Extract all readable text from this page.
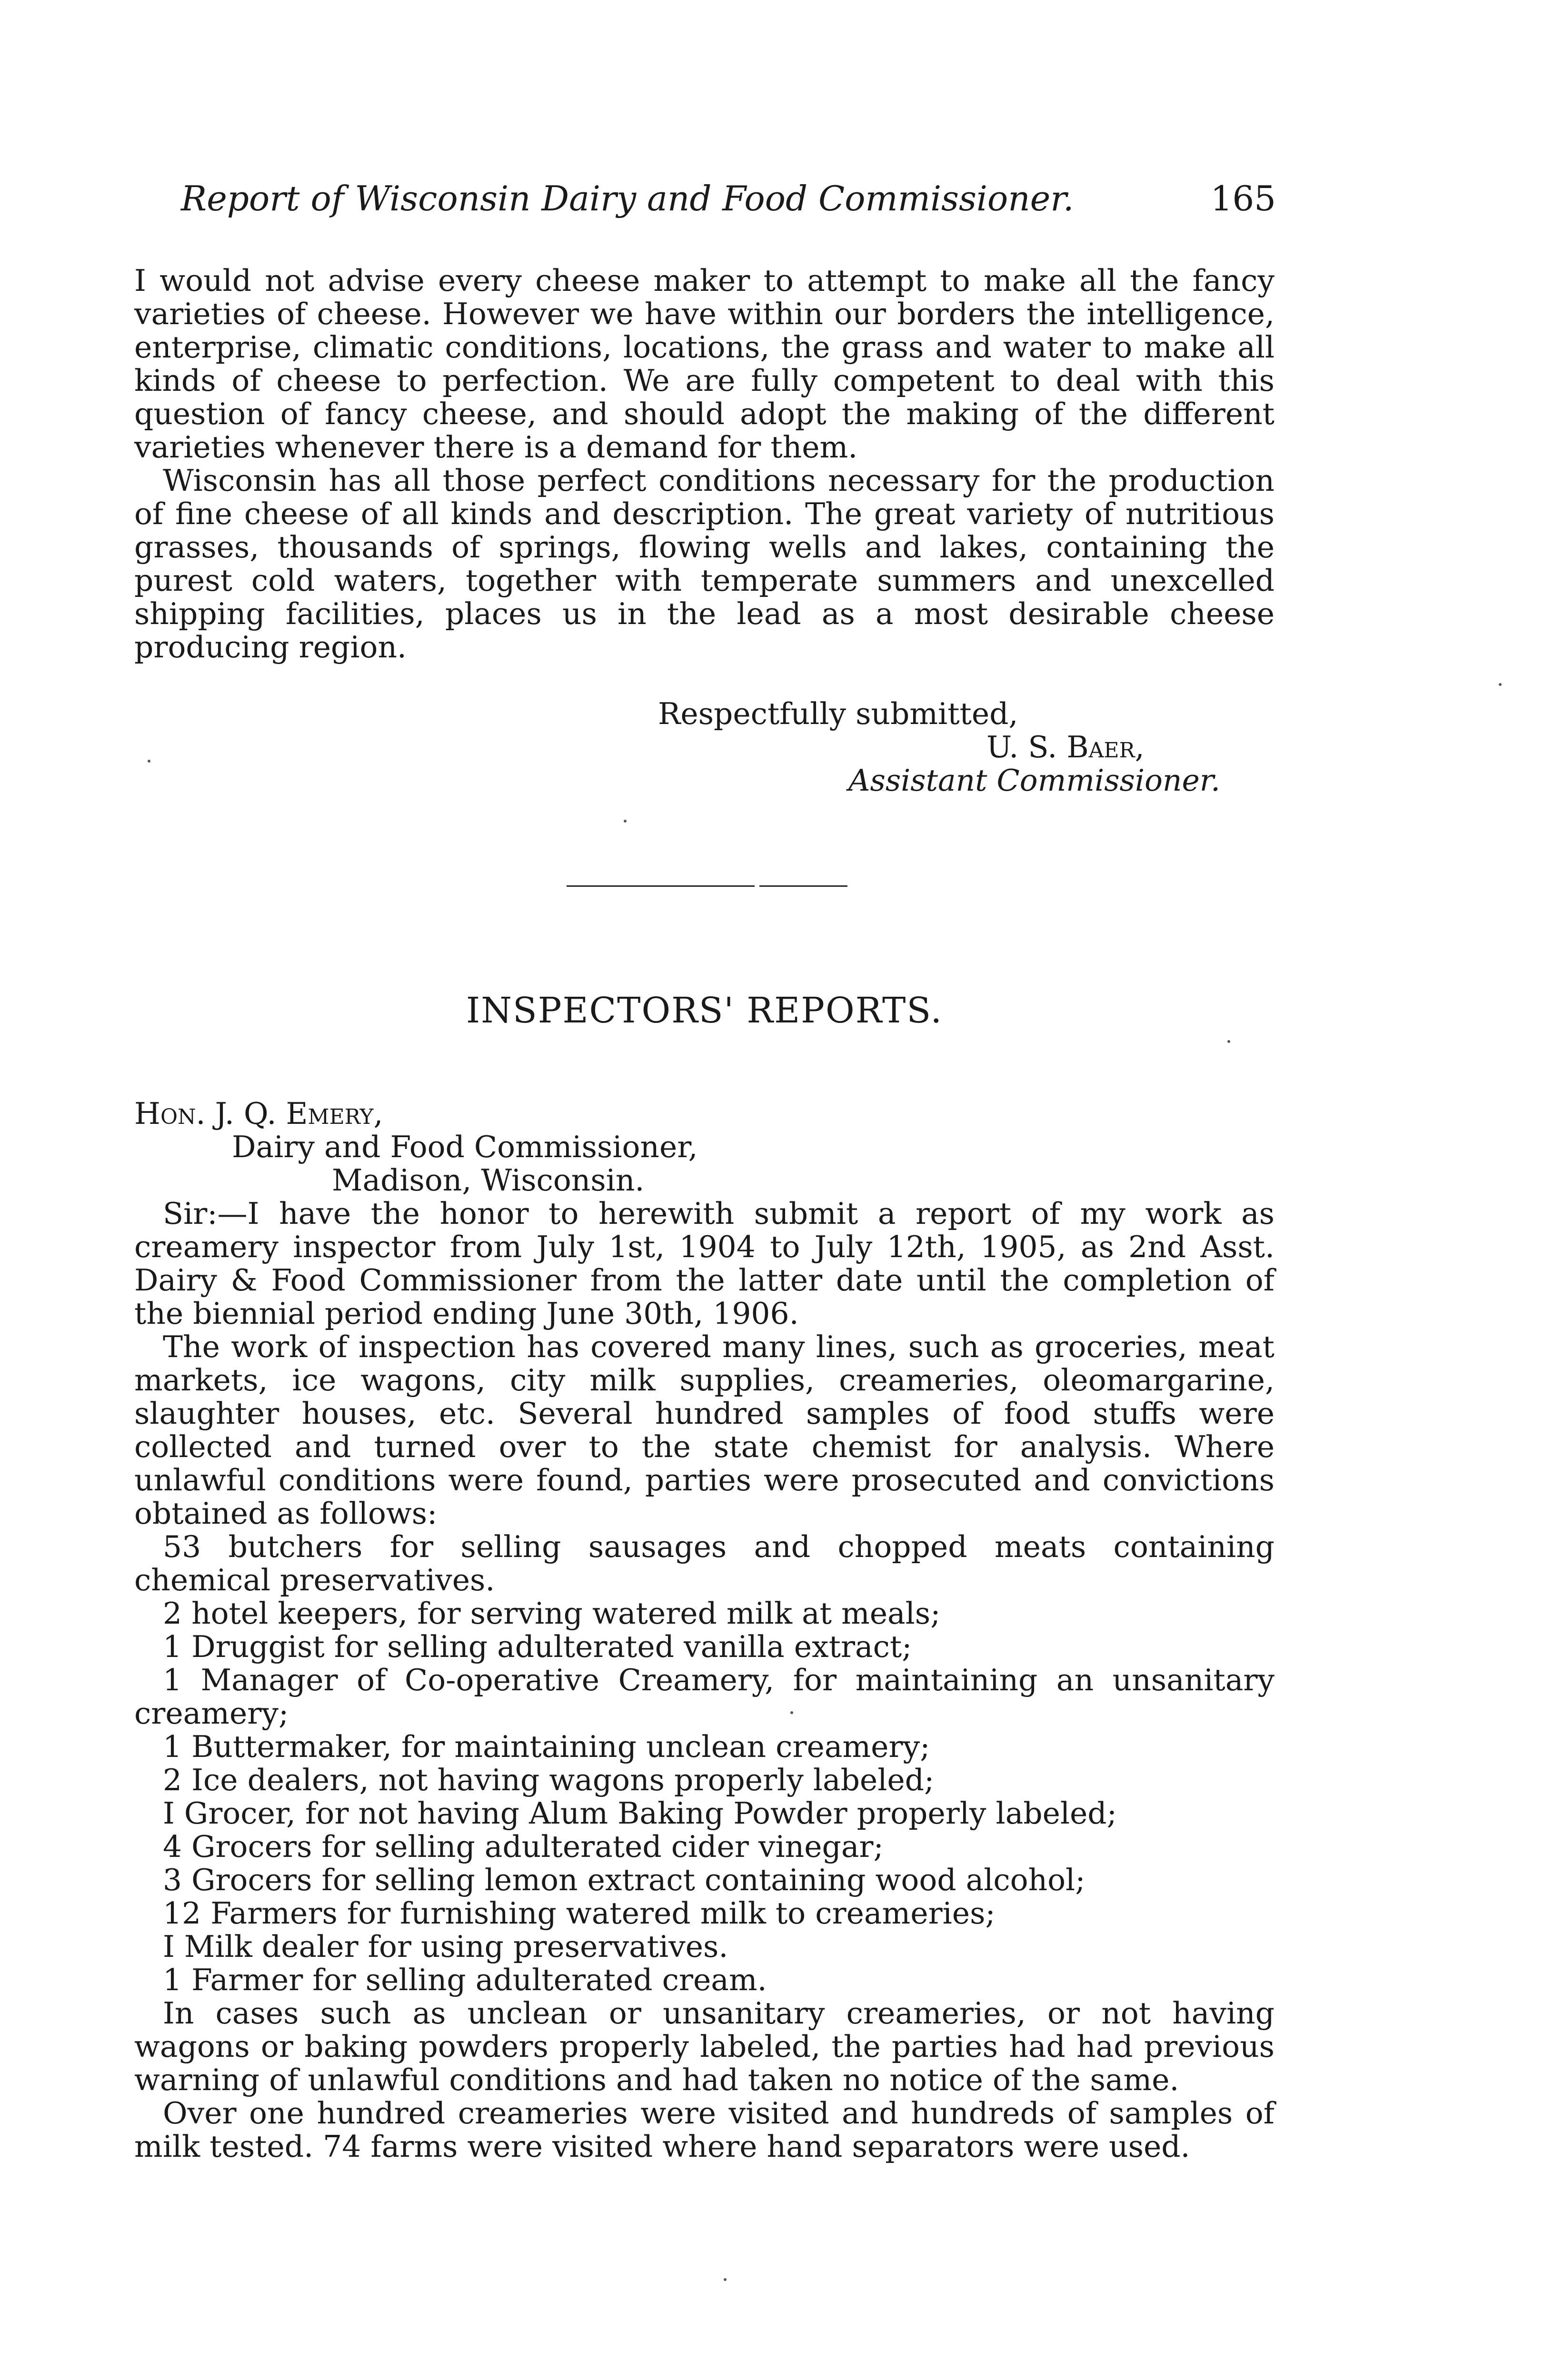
Report of Wisconsin Dairy and Food Commissioner.	165

I would not advise every cheese maker to attempt to make all the fancy varieties of cheese. However we have within our borders the intelligence, enterprise, climatic conditions, locations, the grass and water to make all kinds of cheese to perfection. We are fully competent to deal with this question of fancy cheese, and should adopt the making of the different varieties whenever there is a demand for them.

Wisconsin has all those perfect conditions necessary for the production of fine cheese of all kinds and description. The great variety of nutritious grasses, thousands of springs, flowing wells and lakes, containing the purest cold waters, together with temperate summers and unexcelled shipping facilities, places us in the lead as a most desirable cheese producing region.

Respectfully submitted,
U. S. Baer,
Assistant Commissioner.
INSPECTORS' REPORTS.
Hon. J. Q. Emery,
Dairy and Food Commissioner,
Madison, Wisconsin.

Sir:—I have the honor to herewith submit a report of my work as creamery inspector from July 1st, 1904 to July 12th, 1905, as 2nd Asst. Dairy & Food Commissioner from the latter date until the completion of the biennial period ending June 30th, 1906.

The work of inspection has covered many lines, such as groceries, meat markets, ice wagons, city milk supplies, creameries, oleomargarine, slaughter houses, etc. Several hundred samples of food stuffs were collected and turned over to the state chemist for analysis. Where unlawful conditions were found, parties were prosecuted and convictions obtained as follows:

53 butchers for selling sausages and chopped meats containing chemical preservatives.

2 hotel keepers, for serving watered milk at meals;

1 Druggist for selling adulterated vanilla extract;

1 Manager of Co-operative Creamery, for maintaining an unsanitary creamery;

1 Buttermaker, for maintaining unclean creamery;

2 Ice dealers, not having wagons properly labeled;

I Grocer, for not having Alum Baking Powder properly labeled;

4 Grocers for selling adulterated cider vinegar;

3 Grocers for selling lemon extract containing wood alcohol;

12 Farmers for furnishing watered milk to creameries;

I Milk dealer for using preservatives.

1 Farmer for selling adulterated cream.

In cases such as unclean or unsanitary creameries, or not having wagons or baking powders properly labeled, the parties had had previous warning of unlawful conditions and had taken no notice of the same.

Over one hundred creameries were visited and hundreds of samples of milk tested. 74 farms were visited where hand separators were used.
